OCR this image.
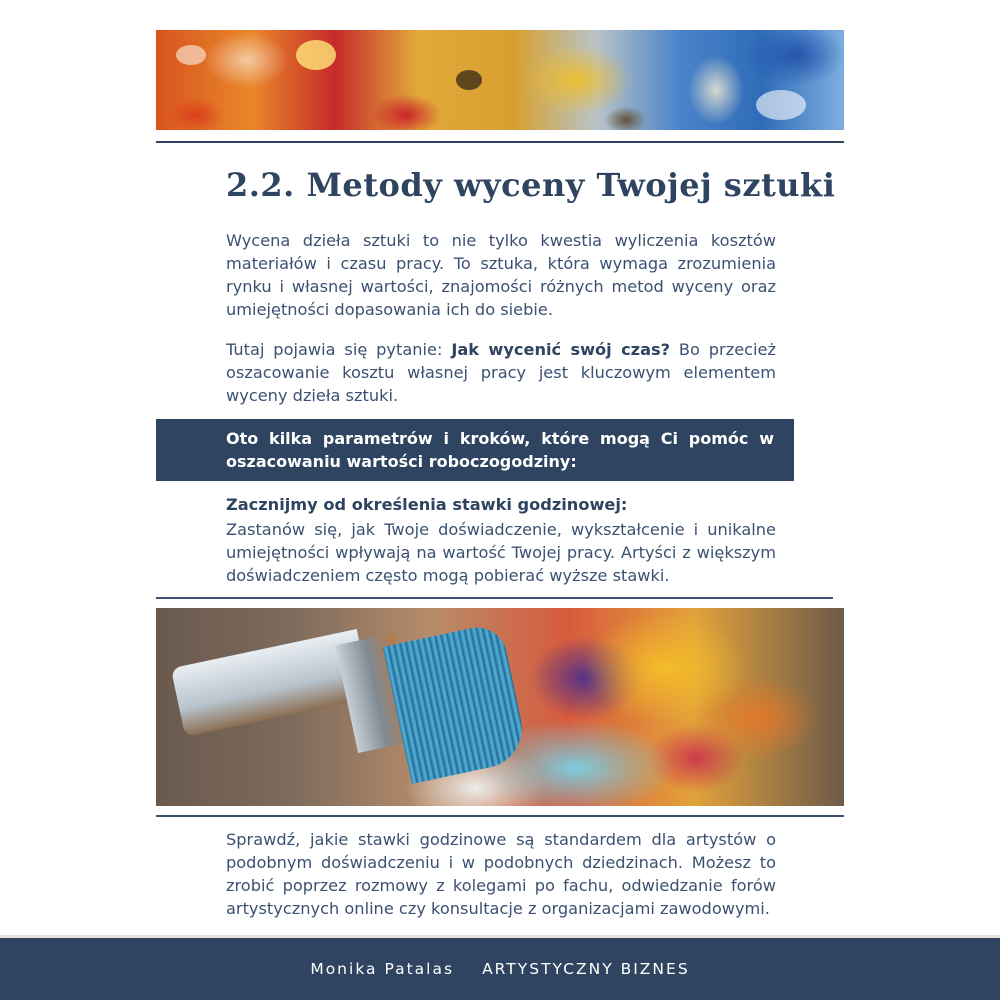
2.2. Metody wyceny Twojej sztuki

Wycena dzieła sztuki to nie tylko kwestia wyliczenia kosztów materiałów i czasu pracy. To sztuka, która wymaga zrozumienia rynku i własnej wartości, znajomości różnych metod wyceny oraz umiejętności dopasowania ich do siebie.

Tutaj pojawia się pytanie: Jak wycenić swój czas? Bo przecież oszacowanie kosztu własnej pracy jest kluczowym elementem wyceny dzieła sztuki.

Oto kilka parametrów i kroków, które mogą Ci pomóc w oszacowaniu wartości roboczogodziny:

Zacznijmy od określenia stawki godzinowej:

Zastanów się, jak Twoje doświadczenie, wykształcenie i unikalne umiejętności wpływają na wartość Twojej pracy. Artyści z większym doświadczeniem często mogą pobierać wyższe stawki.

Sprawdź, jakie stawki godzinowe są standardem dla artystów o podobnym doświadczeniu i w podobnych dziedzinach. Możesz to zrobić poprzez rozmowy z kolegami po fachu, odwiedzanie forów artystycznych online czy konsultacje z organizacjami zawodowymi.

Monika Patalas ARTYSTYCZNY BIZNES
